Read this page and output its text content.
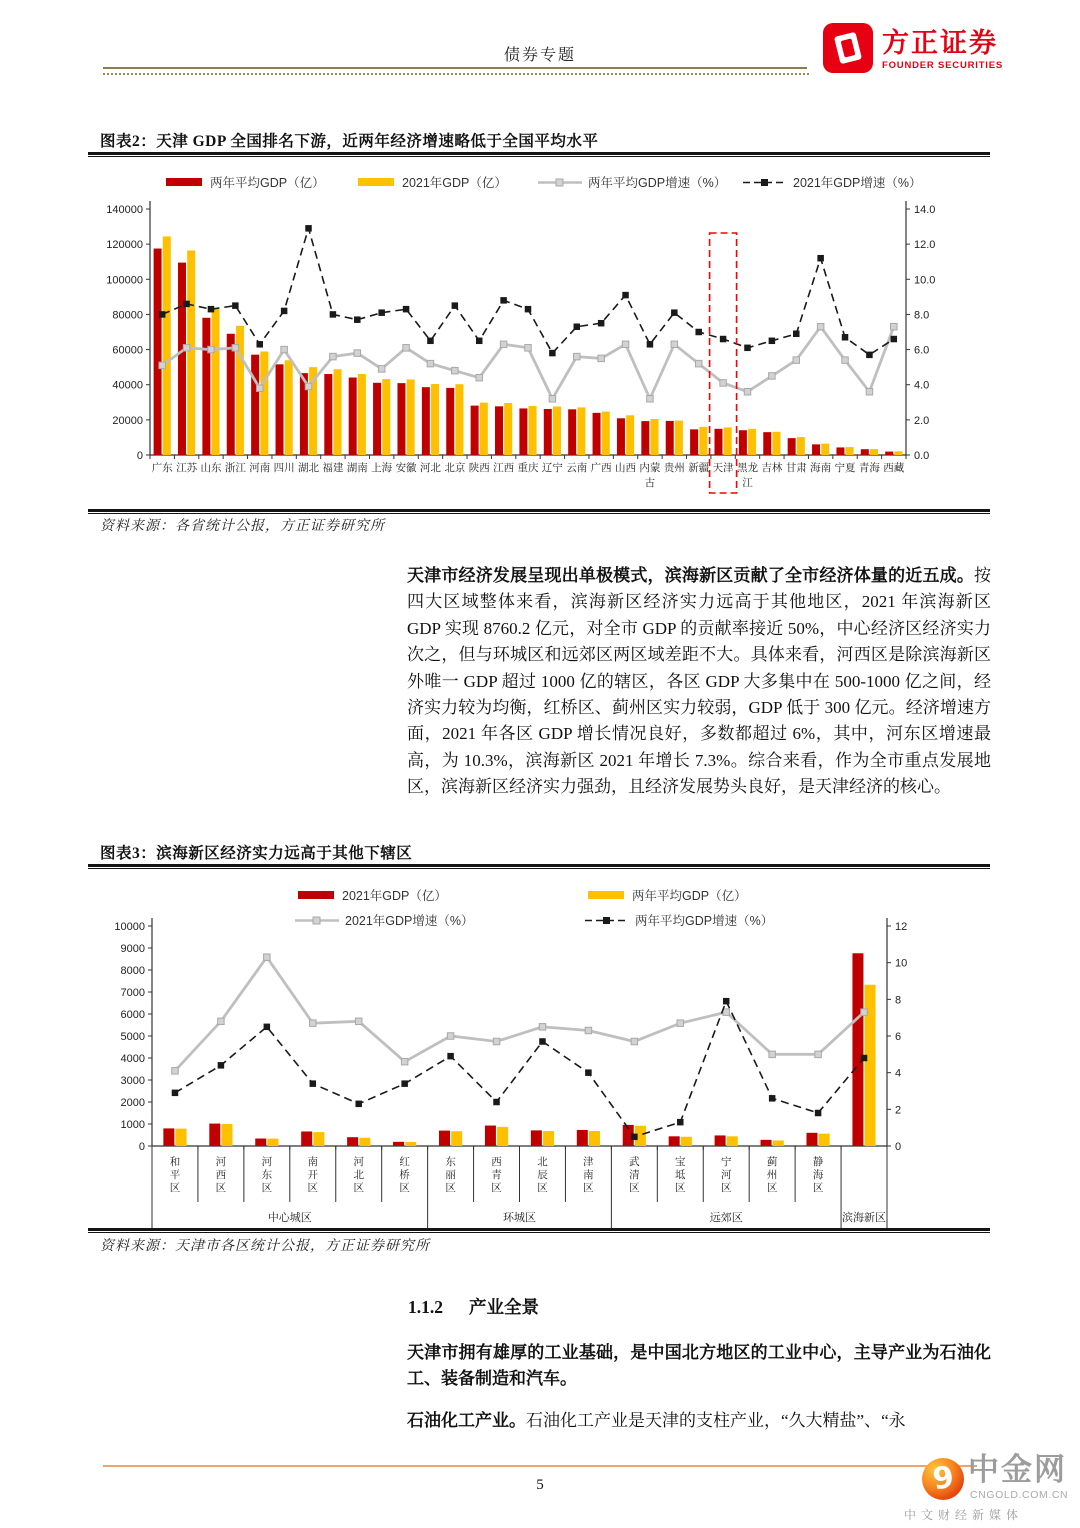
债券专题	方正证券
FOUNDER SECURITIES
图表2：天津 GDP 全国排名下游，近两年经济增速略低于全国平均水平
两年平均GDP（亿）	2021年GDP（亿）	两年平均GDP增速（%）	2021年GDP增速（%）
0
20000
40000
60000
80000
100000
120000
140000
0.0
2.0
4.0
6.0
8.0
10.0
12.0
14.0
广东 江苏 山东 浙江 河南 四川 湖北 福建 湖南 上海 安徽 河北 北京 陕西 江西 重庆 辽宁 云南 广西 山西 内蒙
古
贵州 新疆 天津 黑龙
江
吉林 甘肃 海南 宁夏 青海 西藏
资料来源：各省统计公报，方正证券研究所
天津市经济发展呈现出单极模式，滨海新区贡献了全市经济体量的近五成。按四大区域整体来看，滨海新区经济实力远高于其他地区，2021 年滨海新区 GDP 实现 8760.2 亿元，对全市 GDP 的贡献率接近 50%，中心经济区经济实力次之，但与环城区和远郊区两区域差距不大。具体来看，河西区是除滨海新区外唯一 GDP 超过 1000 亿的辖区，各区 GDP 大多集中在 500-1000 亿之间，经济实力较为均衡，红桥区、蓟州区实力较弱，GDP 低于 300 亿元。经济增速方面，2021 年各区 GDP 增长情况良好，多数都超过 6%，其中，河东区增速最高，为 10.3%，滨海新区 2021 年增长 7.3%。综合来看，作为全市重点发展地区，滨海新区经济实力强劲，且经济发展势头良好，是天津经济的核心。
图表3：滨海新区经济实力远高于其他下辖区
2021年GDP（亿）	两年平均GDP（亿）
2021年GDP增速（%）	两年平均GDP增速（%）
0
1000
2000
3000
4000
5000
6000
7000
8000
9000
10000
0
2
4
6
8
10
12
和
平
区
河
西
区
河
东
区
南
开
区
河
北
区
红
桥
区
东
丽
区
西
青
区
北
辰
区
津
南
区
武
清
区
宝
坻
区
宁
河
区
蓟
州
区
静
海
区
中心城区	环城区	远郊区	滨海新区
资料来源：天津市各区统计公报，方正证券研究所
1.1.2 产业全景
天津市拥有雄厚的工业基础，是中国北方地区的工业中心，主导产业为石油化工、装备制造和汽车。
石油化工产业。石油化工产业是天津的支柱产业，“久大精盐”、“永
5	9 中金网
CNGOLD.COM.CN
中文财经新媒体
